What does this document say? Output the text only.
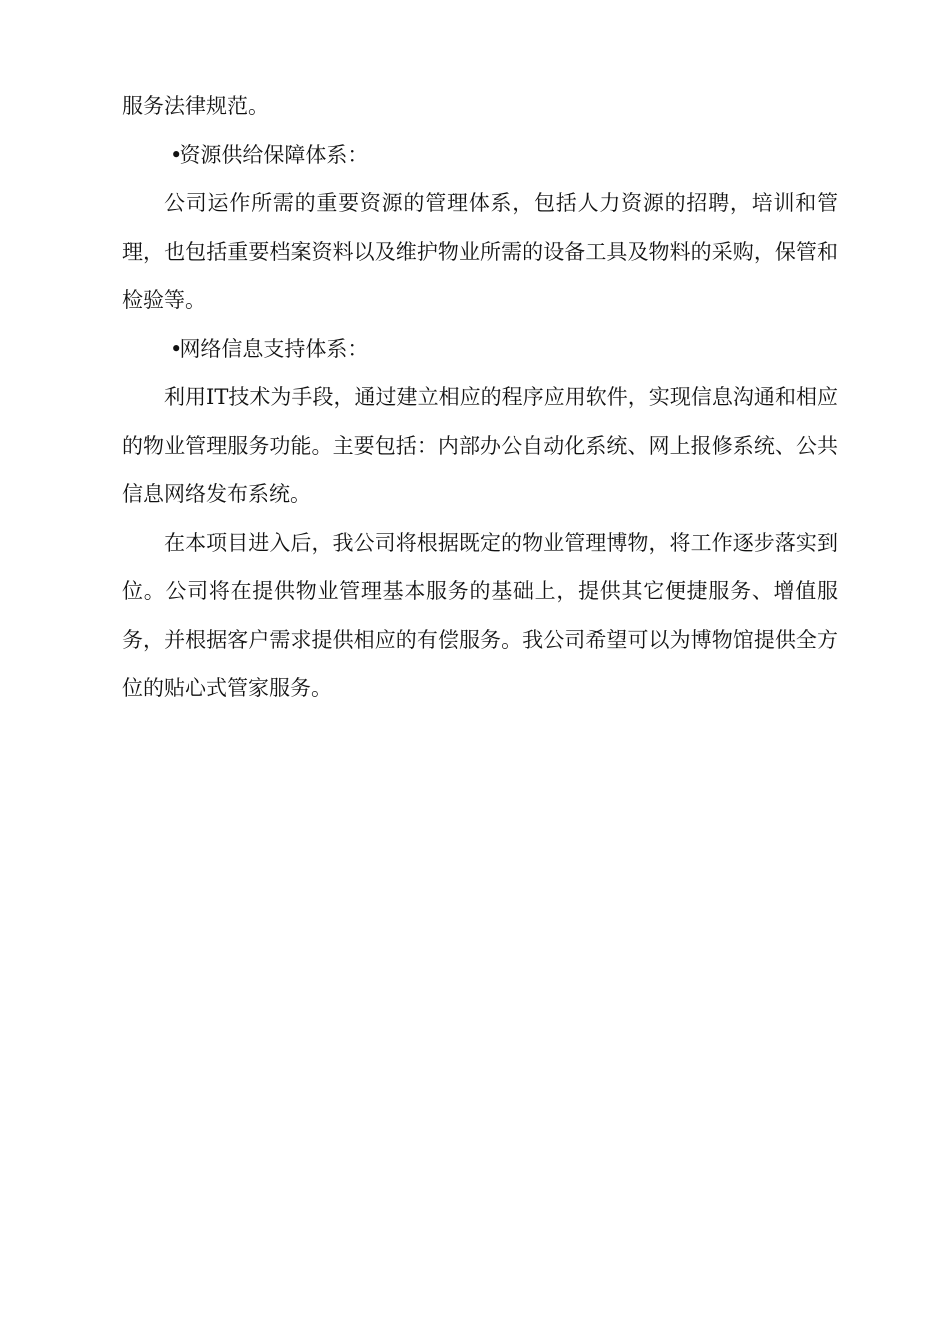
服务法律规范。

•资源供给保障体系：

公司运作所需的重要资源的管理体系，包括人力资源的招聘，培训和管理，也包括重要档案资料以及维护物业所需的设备工具及物料的采购，保管和检验等。

•网络信息支持体系：

利用IT技术为手段，通过建立相应的程序应用软件，实现信息沟通和相应的物业管理服务功能。主要包括：内部办公自动化系统、网上报修系统、公共信息网络发布系统。

在本项目进入后，我公司将根据既定的物业管理博物，将工作逐步落实到位。公司将在提供物业管理基本服务的基础上，提供其它便捷服务、增值服务，并根据客户需求提供相应的有偿服务。我公司希望可以为博物馆提供全方位的贴心式管家服务。
